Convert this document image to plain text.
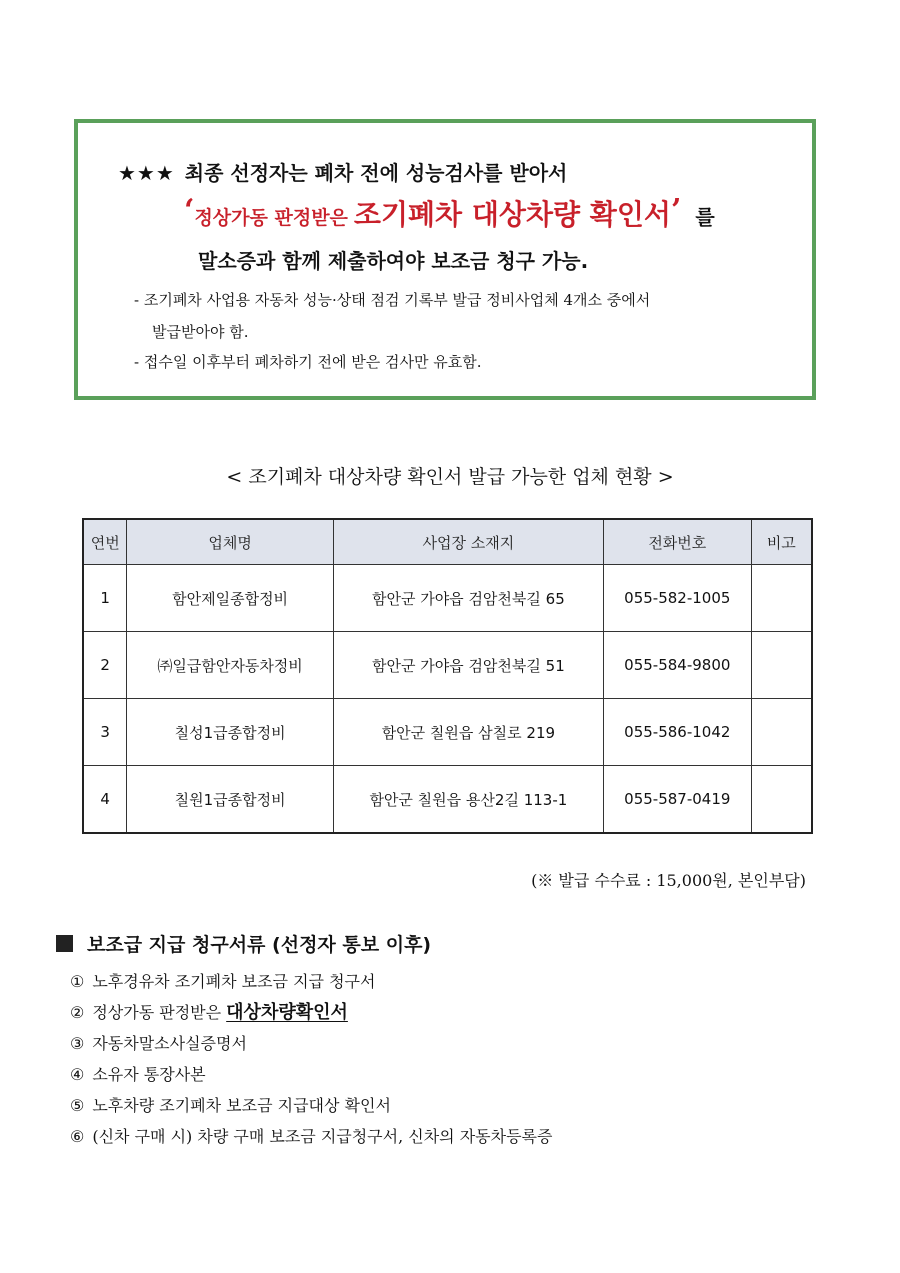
★★★ 최종 선정자는 폐차 전에 성능검사를 받아서
‘정상가동 판정받은 조기폐차 대상차량 확인서’ 를
말소증과 함께 제출하여야 보조금 청구 가능.
- 조기폐차 사업용 자동차 성능·상태 점검 기록부 발급 정비사업체 4개소 중에서
발급받아야 함.
- 접수일 이후부터 폐차하기 전에 받은 검사만 유효함.
< 조기폐차 대상차량 확인서 발급 가능한 업체 현황 >
연번	업체명	사업장 소재지	전화번호	비고
1	함안제일종합정비	함안군 가야읍 검암천북길 65	055-582-1005	
2	㈜일급함안자동차정비	함안군 가야읍 검암천북길 51	055-584-9800	
3	칠성1급종합정비	함안군 칠원읍 삼칠로 219	055-586-1042	
4	칠원1급종합정비	함안군 칠원읍 용산2길 113-1	055-587-0419	
(※ 발급 수수료 : 15,000원, 본인부담)
보조급 지급 청구서류 (선정자 통보 이후)
① 노후경유차 조기폐차 보조금 지급 청구서
② 정상가동 판정받은 대상차량확인서
③ 자동차말소사실증명서
④ 소유자 통장사본
⑤ 노후차량 조기폐차 보조금 지급대상 확인서
⑥ (신차 구매 시) 차량 구매 보조금 지급청구서, 신차의 자동차등록증
